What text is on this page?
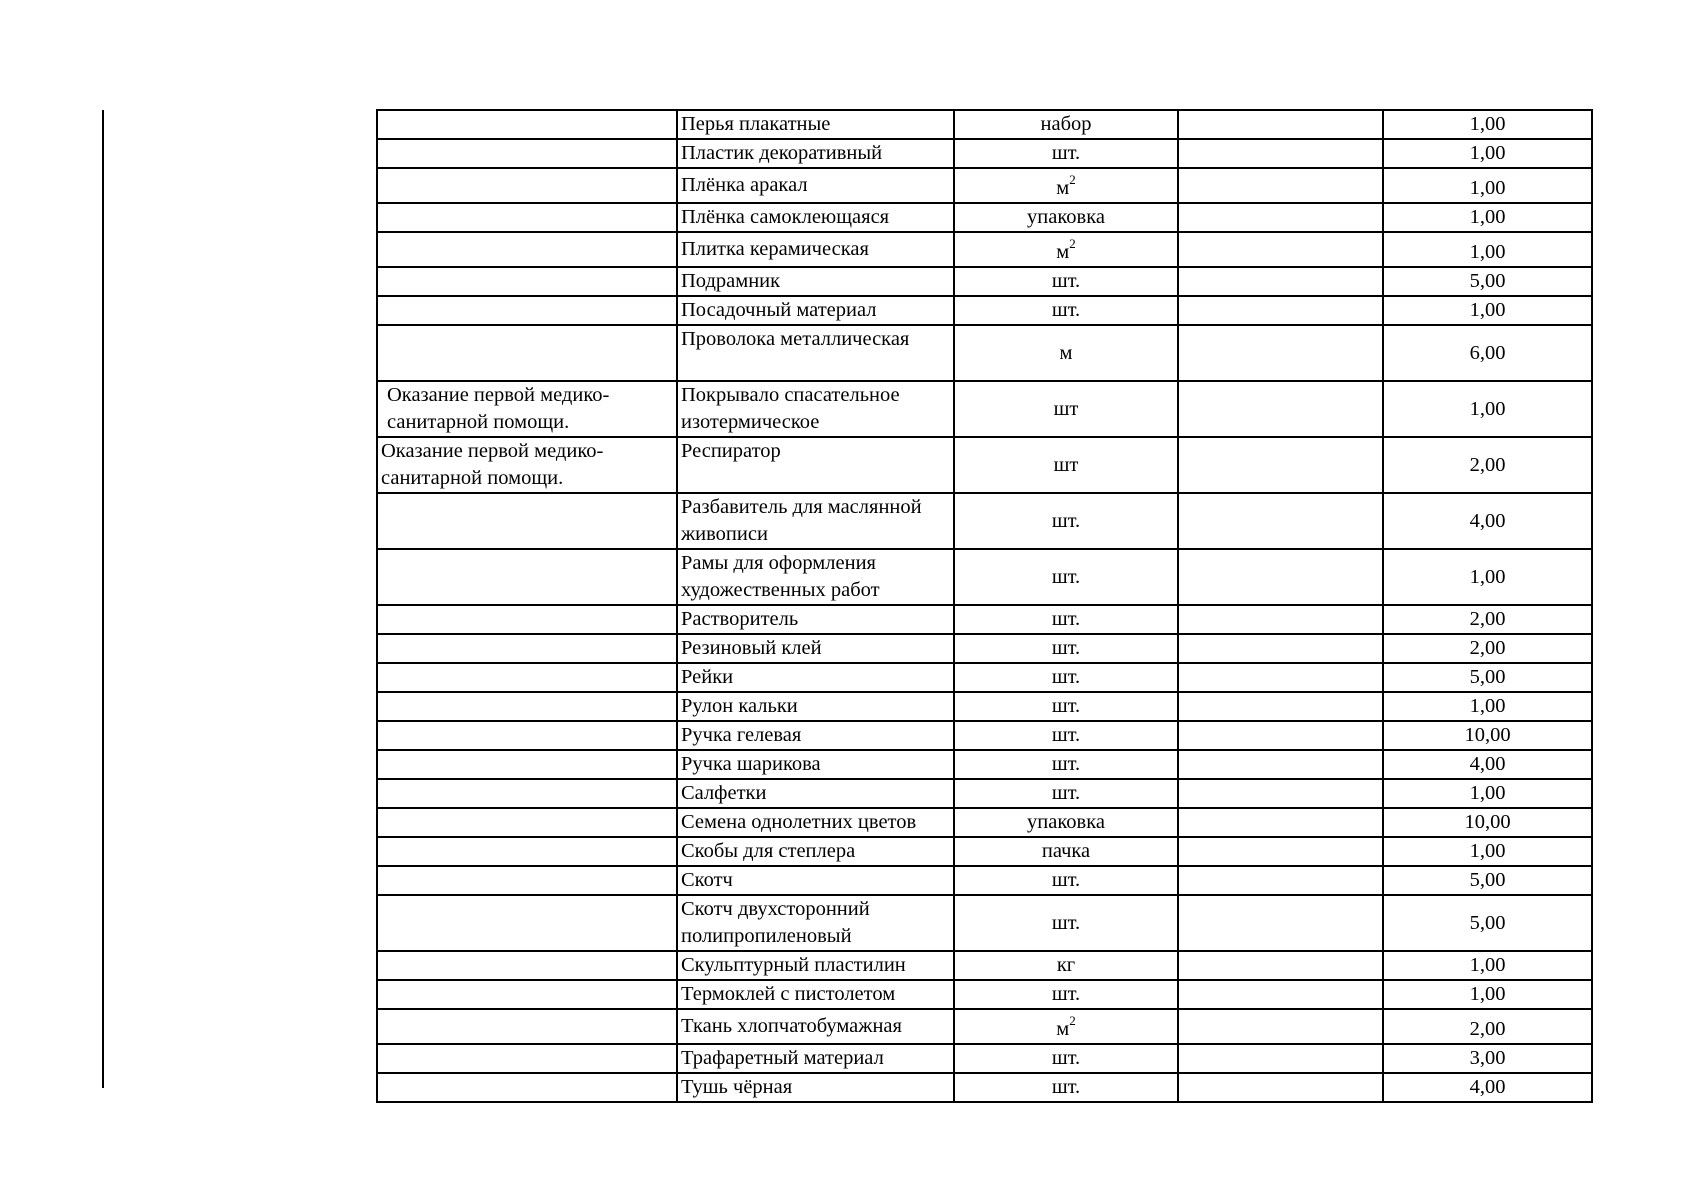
	Перья плакатные	набор		1,00
	Пластик декоративный	шт.		1,00
	Плёнка аракал	$м^2$		1,00
	Плёнка самоклеющаяся	упаковка		1,00
	Плитка керамическая	$м^2$		1,00
	Подрамник	шт.		5,00
	Посадочный материал	шт.		1,00
	Проволока металлическая	м		6,00
Оказание первой медико-санитарной помощи.	Покрывало спасательное изотермическое	шт		1,00
Оказание первой медико-санитарной помощи.	Респиратор	шт		2,00
	Разбавитель для маслянной живописи	шт.		4,00
	Рамы для оформления художественных работ	шт.		1,00
	Растворитель	шт.		2,00
	Резиновый клей	шт.		2,00
	Рейки	шт.		5,00
	Рулон кальки	шт.		1,00
	Ручка гелевая	шт.		10,00
	Ручка шарикова	шт.		4,00
	Салфетки	шт.		1,00
	Семена однолетних цветов	упаковка		10,00
	Скобы для степлера	пачка		1,00
	Скотч	шт.		5,00
	Скотч двухсторонний полипропиленовый	шт.		5,00
	Скульптурный пластилин	кг		1,00
	Термоклей с пистолетом	шт.		1,00
	Ткань хлопчатобумажная	$м^2$		2,00
	Трафаретный материал	шт.		3,00
	Тушь чёрная	шт.		4,00
